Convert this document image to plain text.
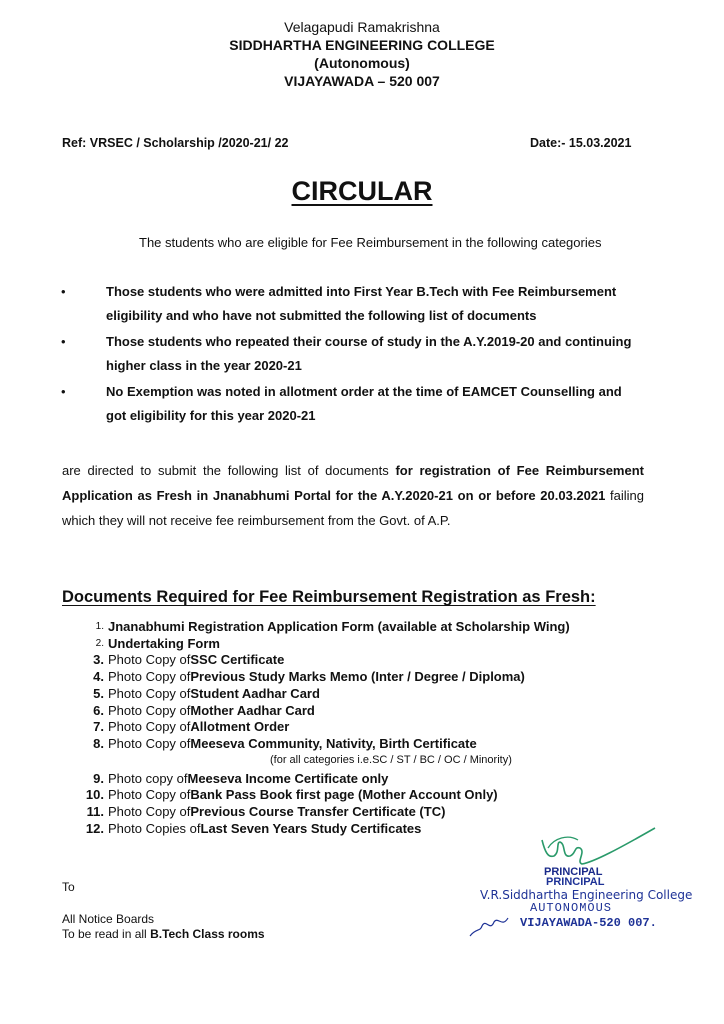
Velagapudi Ramakrishna
SIDDHARTHA ENGINEERING COLLEGE
(Autonomous)
VIJAYAWADA – 520 007
Ref: VRSEC / Scholarship /2020-21/ 22	Date:- 15.03.2021
CIRCULAR
The students who are eligible for Fee Reimbursement in the following categories
•	Those students who were admitted into First Year B.Tech with Fee Reimbursement eligibility and who have not submitted the following list of documents
•	Those students who repeated their course of study in the A.Y.2019-20 and continuing higher class in the year 2020-21
•	No Exemption was noted in allotment order at the time of EAMCET Counselling and got eligibility for this year 2020-21
are directed to submit the following list of documents for registration of Fee Reimbursement Application as Fresh in Jnanabhumi Portal for the A.Y.2020-21 on or before 20.03.2021 failing which they will not receive fee reimbursement from the Govt. of A.P.
Documents Required for Fee Reimbursement Registration as Fresh:
1. Jnanabhumi Registration Application Form (available at Scholarship Wing)
2. Undertaking Form
3. Photo Copy of SSC Certificate
4. Photo Copy of Previous Study Marks Memo (Inter / Degree / Diploma)
5. Photo Copy of Student Aadhar Card
6. Photo Copy of Mother Aadhar Card
7. Photo Copy of Allotment Order
8. Photo Copy of Meeseva Community, Nativity, Birth Certificate
(for all categories i.e.SC / ST / BC / OC / Minority)
9. Photo copy of Meeseva Income Certificate only
10. Photo Copy of Bank Pass Book first page (Mother Account Only)
11. Photo Copy of Previous Course Transfer Certificate (TC)
12. Photo Copies of Last Seven Years Study Certificates
To
All Notice Boards
To be read in all B.Tech Class rooms
PRINCIPAL
PRINCIPAL
V.R.Siddhartha Engineering College
AUTONOMOUS
VIJAYAWADA-520 007.
